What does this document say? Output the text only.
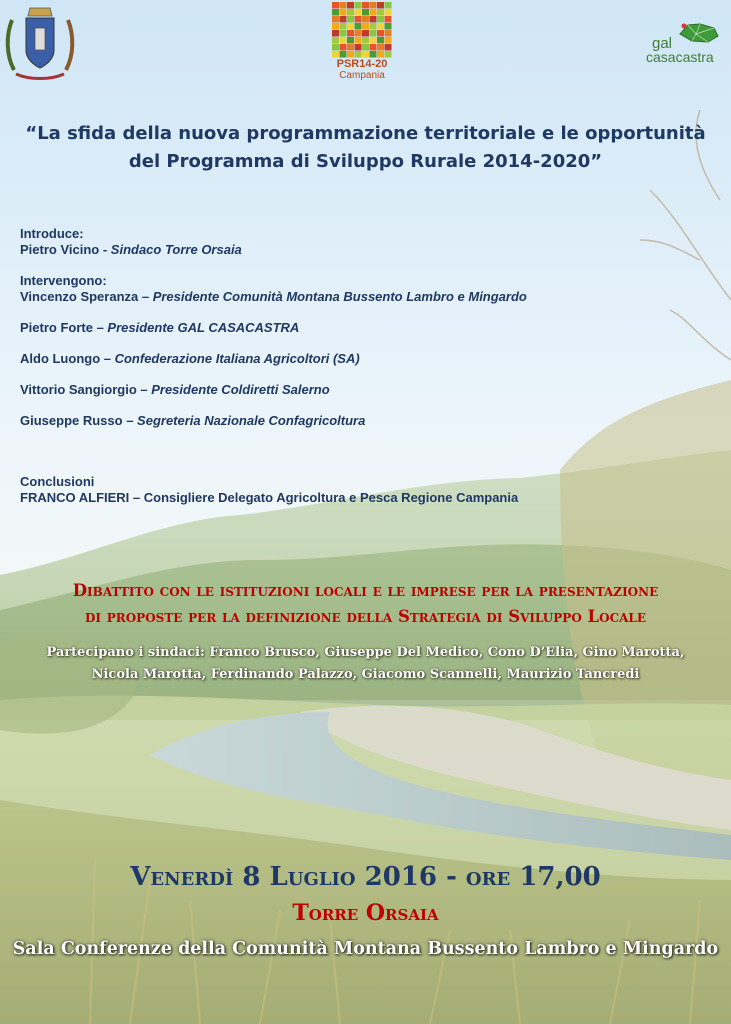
PSR14-20
Campania
gal
casacastra
“La sfida della nuova programmazione territoriale e le opportunità
del Programma di Sviluppo Rurale 2014-2020”
Introduce:
Pietro Vicino - Sindaco Torre Orsaia
Intervengono:
Vincenzo Speranza – Presidente Comunità Montana Bussento Lambro e Mingardo
Pietro Forte – Presidente GAL CASACASTRA
Aldo Luongo – Confederazione Italiana Agricoltori (SA)
Vittorio Sangiorgio – Presidente Coldiretti Salerno
Giuseppe Russo – Segreteria Nazionale Confagricoltura
Conclusioni
FRANCO ALFIERI – Consigliere Delegato Agricoltura e Pesca Regione Campania
Dibattito con le istituzioni locali e le imprese per la presentazione
di proposte per la definizione della Strategia di Sviluppo Locale
Partecipano i sindaci: Franco Brusco, Giuseppe Del Medico, Cono D’Elia, Gino Marotta,
Nicola Marotta, Ferdinando Palazzo, Giacomo Scannelli, Maurizio Tancredi
Venerdì 8 Luglio 2016 - ore 17,00
Torre Orsaia
Sala Conferenze della Comunità Montana Bussento Lambro e Mingardo
